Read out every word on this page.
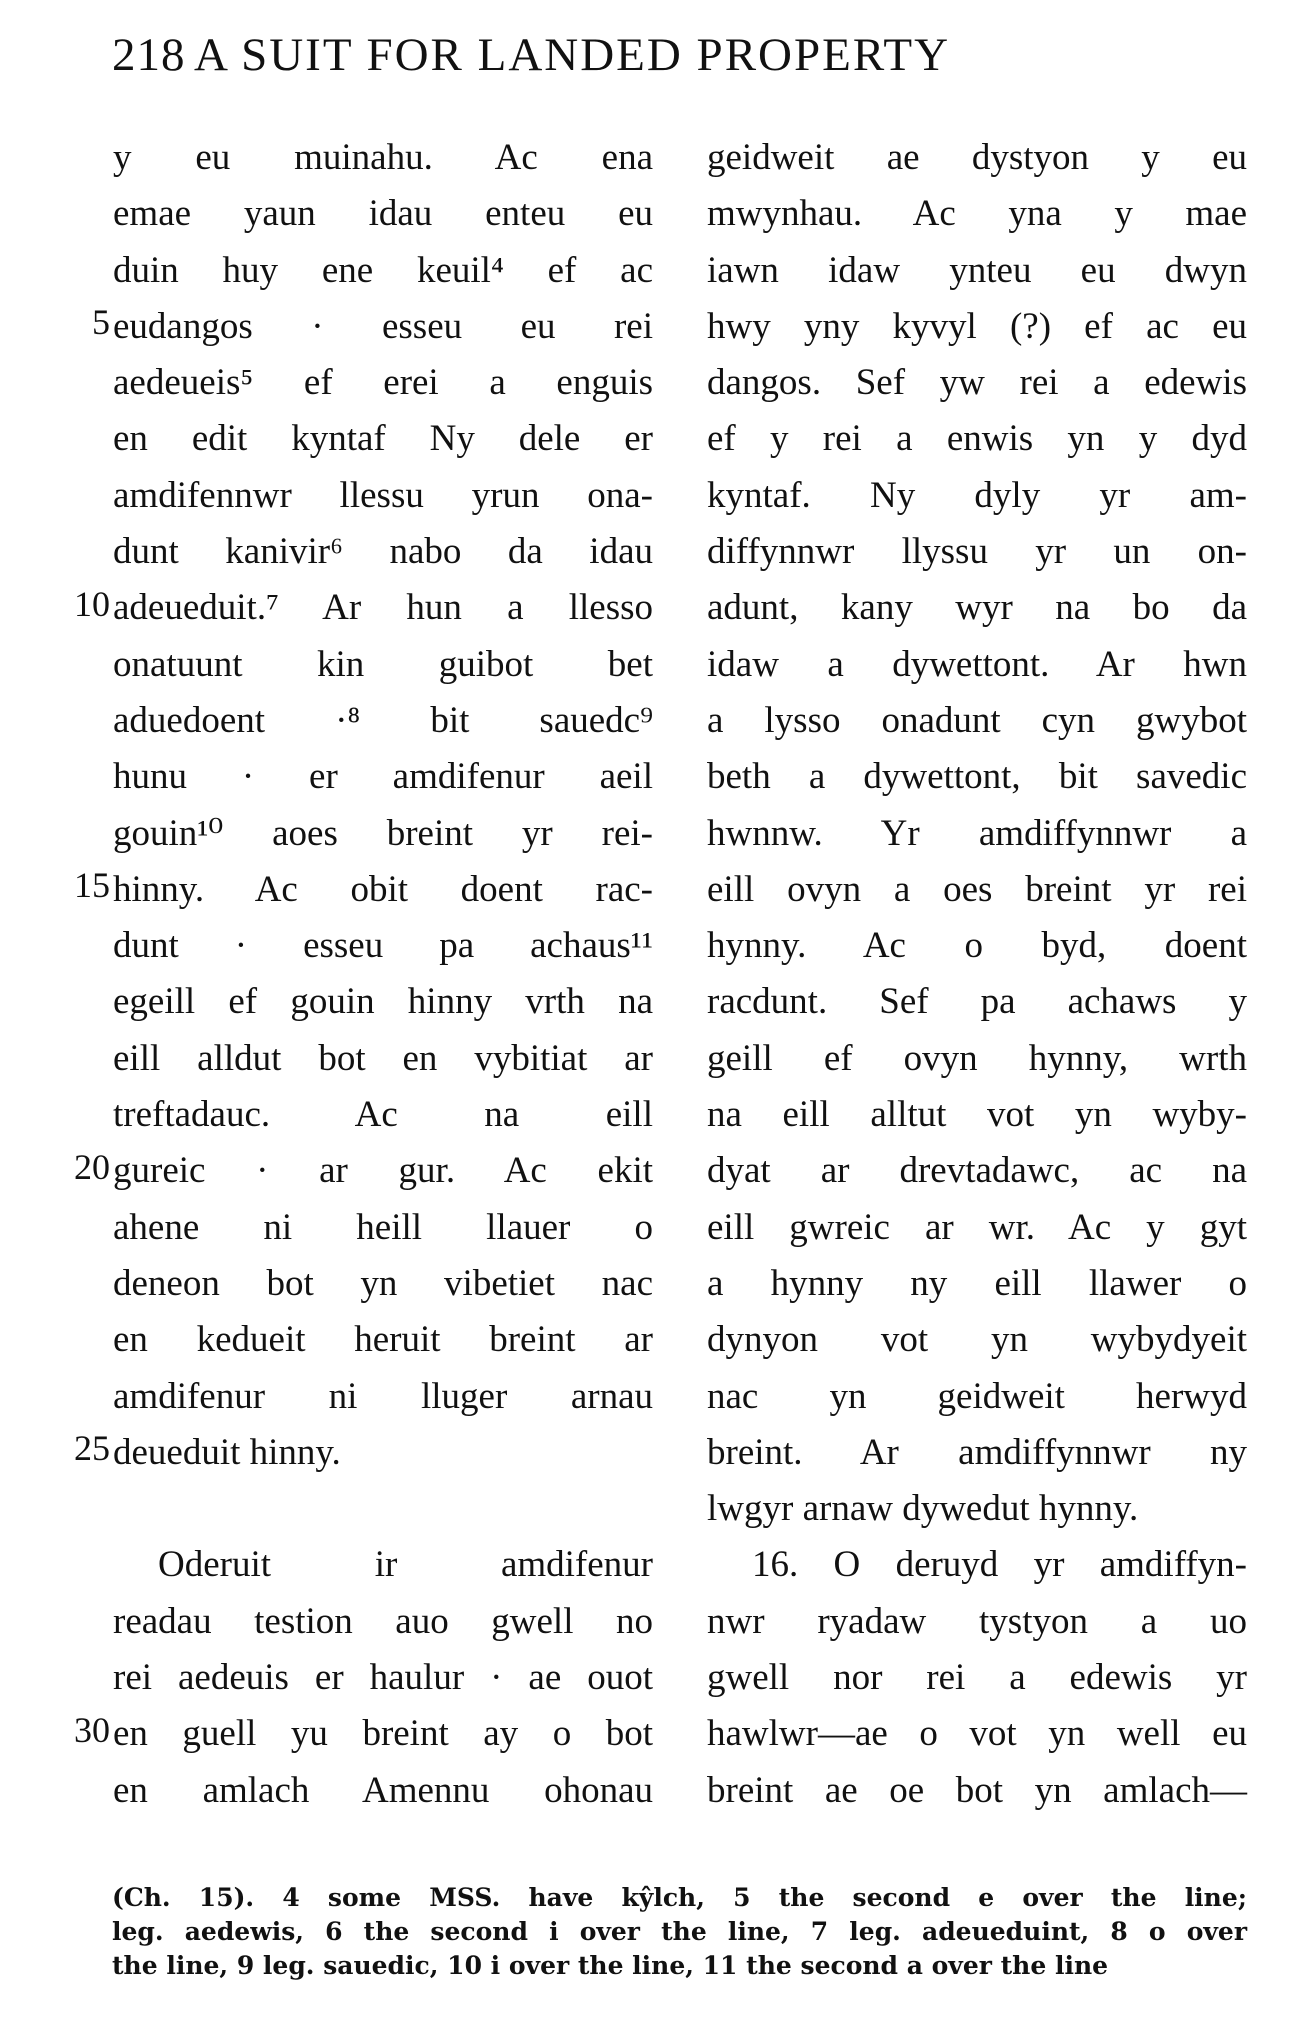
218 A SUIT FOR LANDED PROPERTY
5
10
15
20
25
30
y eu muinahu. Ac ena
emae yaun idau enteu eu
duin huy ene keuil⁴ ef ac
eudangos · esseu eu rei
aedeueis⁵ ef erei a enguis
en edit kyntaf Ny dele er
amdifennwr llessu yrun ona-
dunt kanivir⁶ nabo da idau
adeueduit.⁷ Ar hun a llesso
onatuunt kin guibot bet
aduedoent ·⁸ bit sauedc⁹
hunu · er amdifenur aeil
gouin¹⁰ aoes breint yr rei-
hinny. Ac obit doent rac-
dunt · esseu pa achaus¹¹
egeill ef gouin hinny vrth na
eill alldut bot en vybitiat ar
treftadauc. Ac na eill
gureic · ar gur. Ac ekit
ahene ni heill llauer o
deneon bot yn vibetiet nac
en kedueit heruit breint ar
amdifenur ni lluger arnau
deueduit hinny.
Oderuit ir amdifenur
readau testion auo gwell no
rei aedeuis er haulur · ae ouot
en guell yu breint ay o bot
en amlach Amennu ohonau
geidweit ae dystyon y eu
mwynhau. Ac yna y mae
iawn idaw ynteu eu dwyn
hwy yny kyvyl (?) ef ac eu
dangos. Sef yw rei a edewis
ef y rei a enwis yn y dyd
kyntaf. Ny dyly yr am-
diffynnwr llyssu yr un on-
adunt, kany wyr na bo da
idaw a dywettont. Ar hwn
a lysso onadunt cyn gwybot
beth a dywettont, bit savedic
hwnnw. Yr amdiffynnwr a
eill ovyn a oes breint yr rei
hynny. Ac o byd, doent
racdunt. Sef pa achaws y
geill ef ovyn hynny, wrth
na eill alltut vot yn wyby-
dyat ar drevtadawc, ac na
eill gwreic ar wr. Ac y gyt
a hynny ny eill llawer o
dynyon vot yn wybydyeit
nac yn geidweit herwyd
breint. Ar amdiffynnwr ny
lwgyr arnaw dywedut hynny.
16. O deruyd yr amdiffyn-
nwr ryadaw tystyon a uo
gwell nor rei a edewis yr
hawlwr—ae o vot yn well eu
breint ae oe bot yn amlach—
(Ch. 15). 4 some MSS. have kŷlch, 5 the second e over the line;
leg. aedewis, 6 the second i over the line, 7 leg. adeueduint, 8 o over
the line, 9 leg. sauedic, 10 i over the line, 11 the second a over the line
